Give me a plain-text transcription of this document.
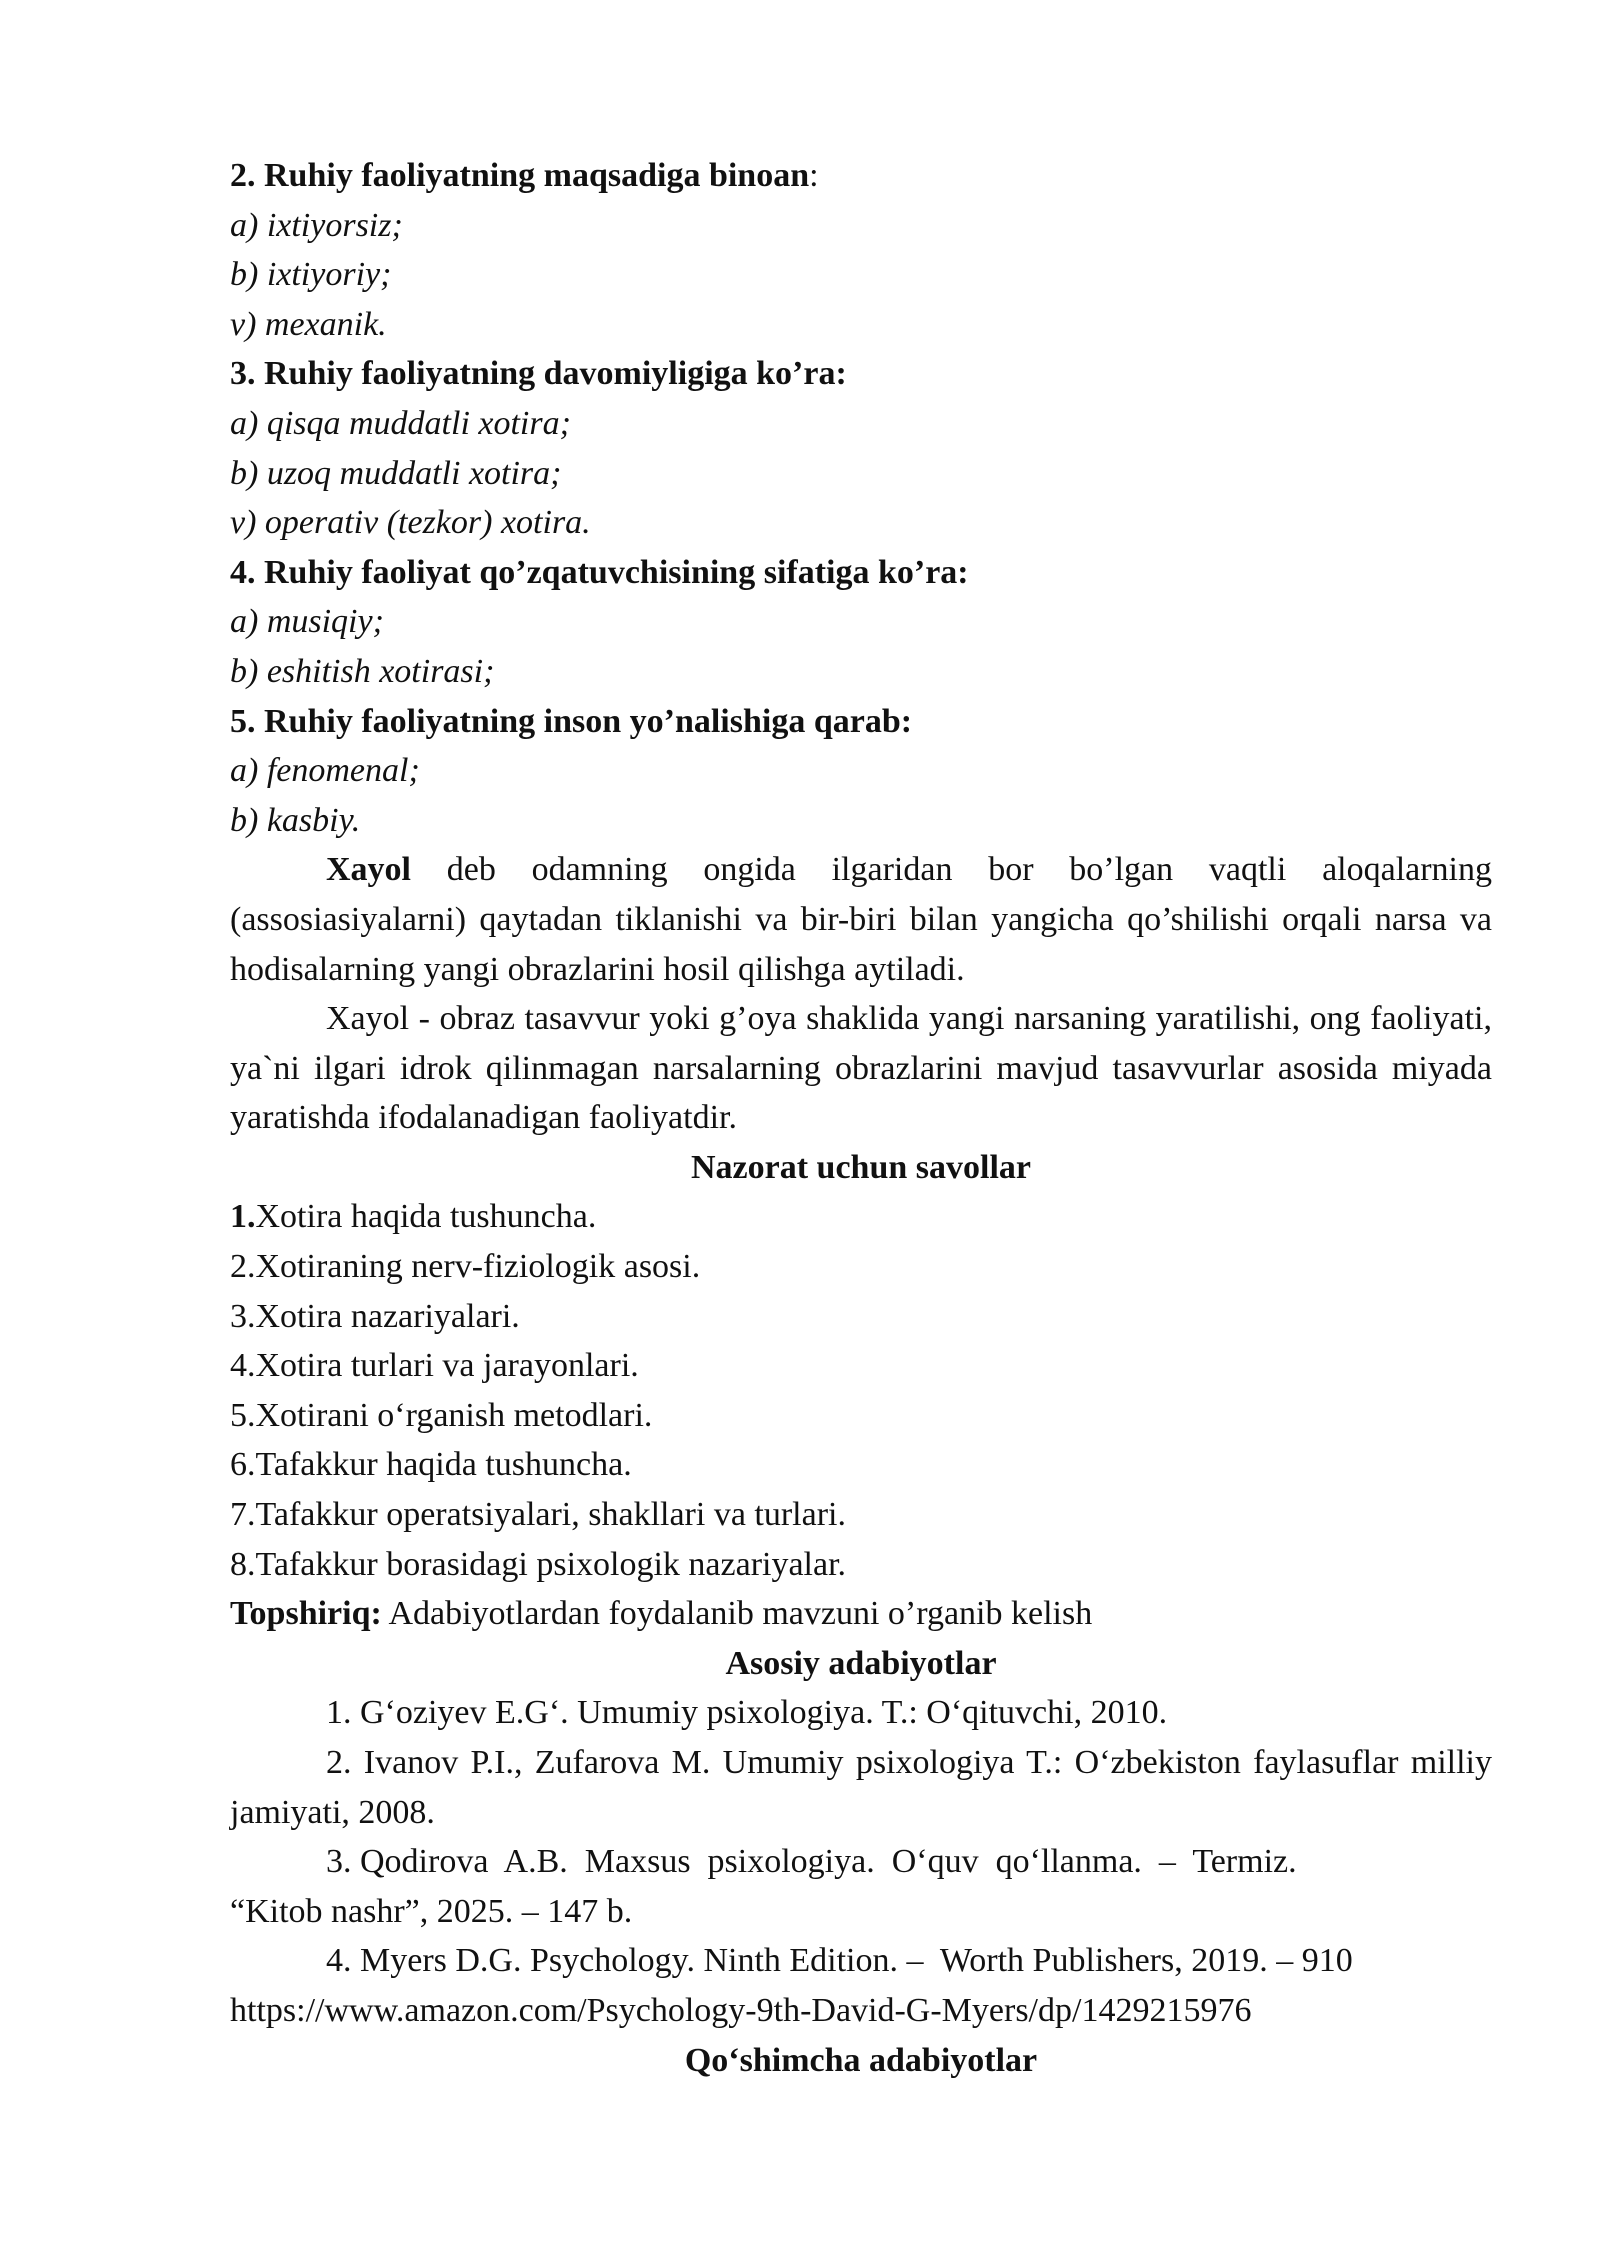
2. Ruhiy faoliyatning maqsadiga binoan:

a) ixtiyorsiz;

b) ixtiyoriy;

v) mexanik.

3. Ruhiy faoliyatning davomiyligiga ko’ra:

a) qisqa muddatli xotira;

b) uzoq muddatli xotira;

v) operativ (tezkor) xotira.

4. Ruhiy faoliyat qo’zqatuvchisining sifatiga ko’ra:

a) musiqiy;

b) eshitish xotirasi;

5. Ruhiy faoliyatning inson yo’nalishiga qarab:

a) fenomenal;

b) kasbiy.

Xayol deb odamning ongida ilgaridan bor bo’lgan vaqtli aloqalarning (assosiasiyalarni) qaytadan tiklanishi va bir-biri bilan yangicha qo’shilishi orqali narsa va hodisalarning yangi obrazlarini hosil qilishga aytiladi.

Xayol - obraz tasavvur yoki g’oya shaklida yangi narsaning yaratilishi, ong faoliyati, ya`ni ilgari idrok qilinmagan narsalarning obrazlarini mavjud tasavvurlar asosida miyada yaratishda ifodalanadigan faoliyatdir.

Nazorat uchun savollar

1.Xotira haqida tushuncha.

2.Xotiraning nerv-fiziologik asosi.

3.Xotira nazariyalari.

4.Xotira turlari va jarayonlari.

5.Xotirani o‘rganish metodlari.

6.Tafakkur haqida tushuncha.

7.Tafakkur operatsiyalari, shakllari va turlari.

8.Tafakkur borasidagi psixologik nazariyalar.

Topshiriq: Adabiyotlardan foydalanib mavzuni o’rganib kelish

Asosiy adabiyotlar

1. G‘oziyev E.G‘. Umumiy psixologiya. T.: O‘qituvchi, 2010.

2. Ivanov P.I., Zufarova M. Umumiy psixologiya T.: O‘zbekiston faylasuflar milliy jamiyati, 2008.

3. Qodirova  A.B.  Maxsus  psixologiya.  O‘quv  qo‘llanma.  –  Termiz.

“Kitob nashr”, 2025. – 147 b.

4. Myers D.G. Psychology. Ninth Edition. –  Worth Publishers, 2019. – 910

https://www.amazon.com/Psychology-9th-David-G-Myers/dp/1429215976

Qo‘shimcha adabiyotlar
